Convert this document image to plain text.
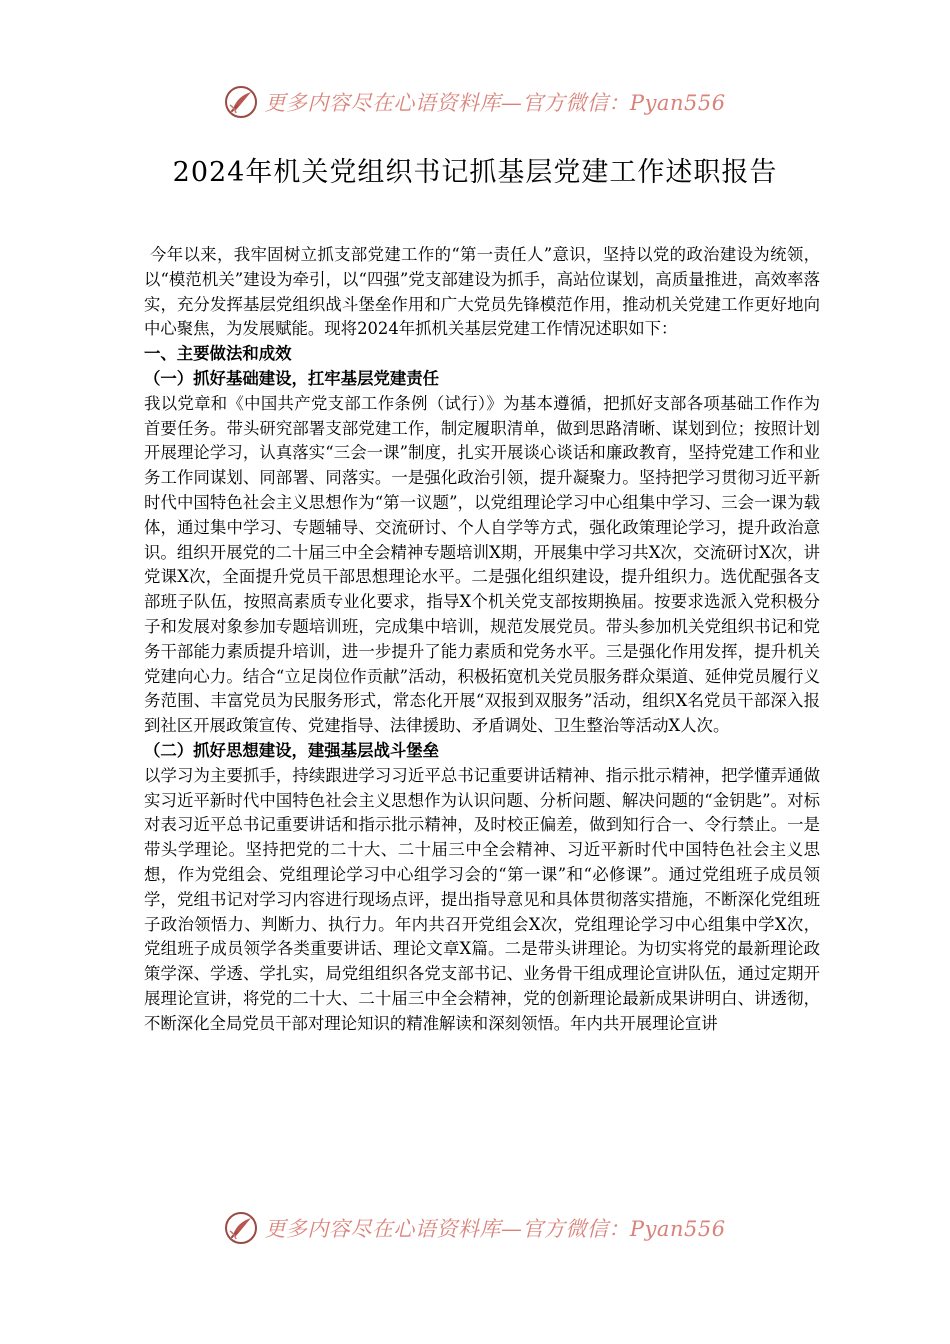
更多内容尽在心语资料库—官方微信：Pyan556
2024年机关党组织书记抓基层党建工作述职报告

今年以来，我牢固树立抓支部党建工作的“第一责任人”意识，坚持以党的政治建设为统领，以“模范机关”建设为牵引，以“四强”党支部建设为抓手，高站位谋划，高质量推进，高效率落实，充分发挥基层党组织战斗堡垒作用和广大党员先锋模范作用，推动机关党建工作更好地向中心聚焦，为发展赋能。现将2024年抓机关基层党建工作情况述职如下：

一、主要做法和成效
（一）抓好基础建设，扛牢基层党建责任

我以党章和《中国共产党支部工作条例（试行）》为基本遵循，把抓好支部各项基础工作作为首要任务。带头研究部署支部党建工作，制定履职清单，做到思路清晰、谋划到位；按照计划开展理论学习，认真落实“三会一课”制度，扎实开展谈心谈话和廉政教育，坚持党建工作和业务工作同谋划、同部署、同落实。一是强化政治引领，提升凝聚力。坚持把学习贯彻习近平新时代中国特色社会主义思想作为“第一议题”，以党组理论学习中心组集中学习、三会一课为载体，通过集中学习、专题辅导、交流研讨、个人自学等方式，强化政策理论学习，提升政治意识。组织开展党的二十届三中全会精神专题培训X期，开展集中学习共X次，交流研讨X次，讲党课X次，全面提升党员干部思想理论水平。二是强化组织建设，提升组织力。选优配强各支部班子队伍，按照高素质专业化要求，指导X个机关党支部按期换届。按要求选派入党积极分子和发展对象参加专题培训班，完成集中培训，规范发展党员。带头参加机关党组织书记和党务干部能力素质提升培训，进一步提升了能力素质和党务水平。三是强化作用发挥，提升机关党建向心力。结合“立足岗位作贡献”活动，积极拓宽机关党员服务群众渠道、延伸党员履行义务范围、丰富党员为民服务形式，常态化开展“双报到双服务”活动，组织X名党员干部深入报到社区开展政策宣传、党建指导、法律援助、矛盾调处、卫生整治等活动X人次。

（二）抓好思想建设，建强基层战斗堡垒

以学习为主要抓手，持续跟进学习习近平总书记重要讲话精神、指示批示精神，把学懂弄通做实习近平新时代中国特色社会主义思想作为认识问题、分析问题、解决问题的“金钥匙”。对标对表习近平总书记重要讲话和指示批示精神，及时校正偏差，做到知行合一、令行禁止。一是带头学理论。坚持把党的二十大、二十届三中全会精神、习近平新时代中国特色社会主义思想，作为党组会、党组理论学习中心组学习会的“第一课”和“必修课”。通过党组班子成员领学，党组书记对学习内容进行现场点评，提出指导意见和具体贯彻落实措施，不断深化党组班子政治领悟力、判断力、执行力。年内共召开党组会X次，党组理论学习中心组集中学X次，党组班子成员领学各类重要讲话、理论文章X篇。二是带头讲理论。为切实将党的最新理论政策学深、学透、学扎实，局党组组织各党支部书记、业务骨干组成理论宣讲队伍，通过定期开展理论宣讲，将党的二十大、二十届三中全会精神，党的创新理论最新成果讲明白、讲透彻，不断深化全局党员干部对理论知识的精准解读和深刻领悟。年内共开展理论宣讲

更多内容尽在心语资料库—官方微信：Pyan556
